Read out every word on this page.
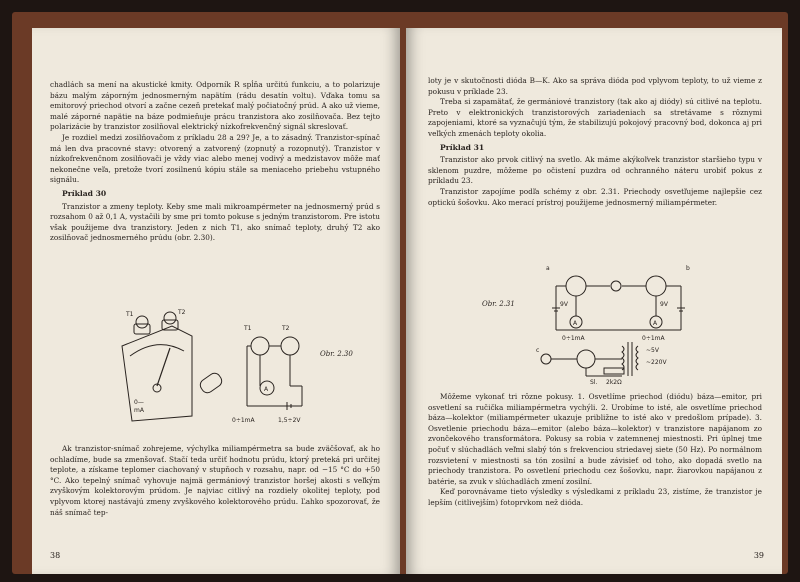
chadlách sa mení na akustické kmity. Odporník R spĺňa určitú funkciu, a to polarizuje bázu malým záporným jednosmerným napätím (rádu desatín voltu). Vďaka tomu sa emitorový priechod otvorí a začne cezeň pretekať malý počiatočný prúd. A ako už vieme, malé záporné napätie na báze podmieňuje prácu tranzistora ako zosilňovača. Bez tejto polarizácie by tranzistor zosilňoval elektrický nízkofrekvenčný signál skreslovať.

Je rozdiel medzi zosilňovačom z príkladu 28 a 29? Je, a to zásadný. Tranzistor-spínač má len dva pracovné stavy: otvorený a zatvorený (zopnutý a rozopnutý). Tranzistor v nízkofrekvenčnom zosilňovači je vždy viac alebo menej vodivý a medzistavov môže mať nekonečne veľa, pretože tvorí zosilnenú kópiu stále sa meniaceho priebehu vstupného signálu.

Príklad 30

Tranzistor a zmeny teploty. Keby sme mali mikroampérmeter na jednosmerný prúd s rozsahom 0 až 0,1 A, vystačili by sme pri tomto pokuse s jedným tranzistorom. Pre istotu však použijeme dva tranzistory. Jeden z nich T1, ako snímač teploty, druhý T2 ako zosilňovač jednosmerného prúdu (obr. 2.30).

T1	T2
T1	T2
0—
mA
A
0÷1mA	1,5÷2V
Obr. 2.30

Ak tranzistor-snímač zohrejeme, výchylka miliampérmetra sa bude zväčšovať, ak ho ochladíme, bude sa zmenšovať. Stačí teda určiť hodnotu prúdu, ktorý preteká pri určitej teplote, a získame teplomer ciachovaný v stupňoch v rozsahu, napr. od −15 °C do +50 °C. Ako tepelný snímač vyhovuje najmä germániový tranzistor horšej akosti s veľkým zvyškovým kolektorovým prúdom. Je najviac citlivý na rozdiely okolitej teploty, pod vplyvom ktorej nastávajú zmeny zvyškového kolektorového prúdu. Ľahko spozorovať, že náš snímač tep-

38

loty je v skutočnosti dióda B—K. Ako sa správa dióda pod vplyvom teploty, to už vieme z pokusu v príklade 23.

Treba si zapamätať, že germániové tranzistory (tak ako aj diódy) sú citlivé na teplotu. Preto v elektronických tranzistorových zariadeniach sa stretávame s rôznymi zapojeniami, ktoré sa vyznačujú tým, že stabilizujú pokojový pracovný bod, dokonca aj pri veľkých zmenách teploty okolia.

Príklad 31

Tranzistor ako prvok citlivý na svetlo. Ak máme akýkoľvek tranzistor staršieho typu v sklenom puzdre, môžeme po očistení puzdra od ochranného náteru urobiť pokus z príkladu 23.

Tranzistor zapojíme podľa schémy z obr. 2.31. Priechody osvetľujeme najlepšie cez optickú šošovku. Ako merací prístroj použijeme jednosmerný miliampérmeter.

a	b
c
9V	9V
A	A
0÷1mA	0÷1mA
Sl. 2k2Ω
~5V
~220V
Obr. 2.31

Môžeme vykonať tri rôzne pokusy. 1. Osvetlíme priechod (diódu) báza—emitor, pri osvetlení sa ručička miliampérmetra vychýli. 2. Urobíme to isté, ale osvetlíme priechod báza—kolektor (miliampérmeter ukazuje približne to isté ako v predošlom prípade). 3. Osvetlenie priechodu báza—emitor (alebo báza—kolektor) v tranzistore napájanom zo zvončekového transformátora. Pokusy sa robia v zatemnenej miestnosti. Pri úplnej tme počuť v slúchadlách veľmi slabý tón s frekvenciou striedavej siete (50 Hz). Po normálnom rozsvietení v miestnosti sa tón zosilní a bude závisieť od toho, ako dopadá svetlo na priechody tranzistora. Po osvetlení priechodu cez šošovku, napr. žiarovkou napájanou z batérie, sa zvuk v slúchadlách zmení zosilní.

Keď porovnávame tieto výsledky s výsledkami z príkladu 23, zistíme, že tranzistor je lepším (citlivejším) fotoprvkom než dióda.

39
